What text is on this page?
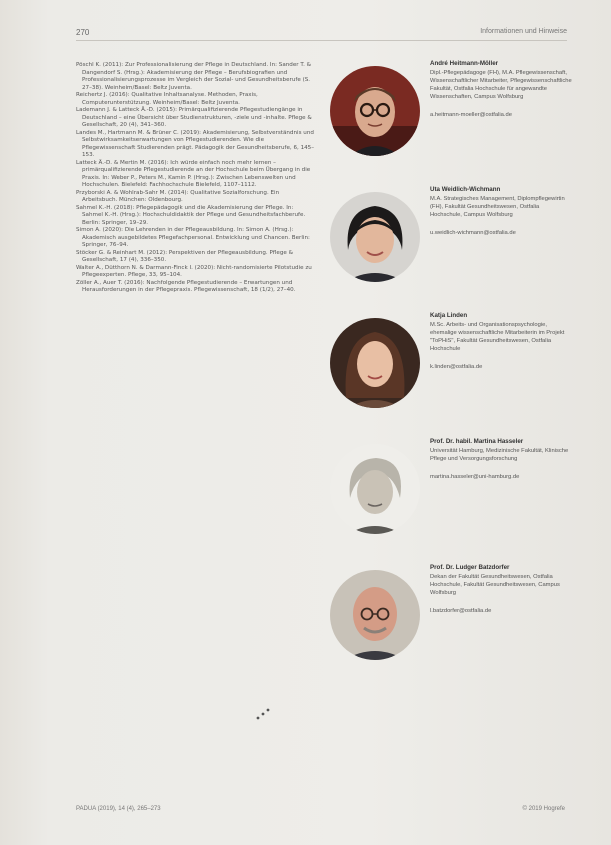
270	Informationen und Hinweise

Pöschl K. (2011): Zur Professionalisierung der Pflege in Deutschland. In: Sander T. & Dangendorf S. (Hrsg.): Akademisierung der Pflege – Berufsbiografien und Professionalisierungsprozesse im Vergleich der Sozial- und Gesundheitsberufe (S. 27–38). Weinheim/Basel: Beltz Juventa.

Reichertz J. (2016): Qualitative Inhaltsanalyse. Methoden, Praxis, Computerunterstützung. Weinheim/Basel: Beltz Juventa.

Lademann J. & Latteck Ä.-D. (2015): Primärqualifizierende Pflegestudiengänge in Deutschland – eine Übersicht über Studienstrukturen, -ziele und -inhalte. Pflege & Gesellschaft, 20 (4), 341–360.

Landes M., Hartmann M. & Brüner C. (2019): Akademisierung, Selbstverständnis und Selbstwirksamkeitserwartungen von Pflegestudierenden. Wie die Pflegewissenschaft Studierenden prägt. Pädagogik der Gesundheitsberufe, 6, 145–153.

Latteck Ä.-D. & Mertin M. (2016): Ich würde einfach noch mehr lernen – primärqualifizierende Pflegestudierende an der Hochschule beim Übergang in die Praxis. In: Weber P., Peters M., Kamin P. (Hrsg.): Zwischen Lebenswelten und Hochschulen. Bielefeld: Fachhochschule Bielefeld, 1107–1112.

Przyborski A. & Wohlrab-Sahr M. (2014): Qualitative Sozialforschung. Ein Arbeitsbuch. München: Oldenbourg.

Sahmel K.-H. (2018): Pflegepädagogik und die Akademisierung der Pflege. In: Sahmel K.-H. (Hrsg.): Hochschuldidaktik der Pflege und Gesundheitsfachberufe. Berlin: Springer, 19–29.

Simon A. (2020): Die Lehrenden in der Pflegeausbildung. In: Simon A. (Hrsg.): Akademisch ausgebildetes Pflegefachpersonal. Entwicklung und Chancen. Berlin: Springer, 76–94.

Stöcker G. & Reinhart M. (2012): Perspektiven der Pflegeausbildung. Pflege & Gesellschaft, 17 (4), 336–350.

Walter A., Dütthorn N. & Darmann-Finck I. (2020): Nicht-randomisierte Pilotstudie zu Pflegeexperten. Pflege, 33, 95–104.

Zöller A., Auer T. (2016): Nachfolgende Pflegestudierende – Erwartungen und Herausforderungen in der Pflegepraxis. Pflegewissenschaft, 18 (1/2), 27–40.

André Heitmann-Möller
Dipl.-Pflegepädagoge (FH), M.A. Pflegewissenschaft, Wissenschaftlicher Mitarbeiter, Pflegewissenschaftliche Fakultät, Ostfalia Hochschule für angewandte Wissenschaften, Campus Wolfsburg
a.heitmann-moeller@ostfalia.de
Uta Weidlich-Wichmann
M.A. Strategisches Management, Diplompflegewirtin (FH), Fakultät Gesundheitswesen, Ostfalia Hochschule, Campus Wolfsburg
u.weidlich-wichmann@ostfalia.de
Katja Linden
M.Sc. Arbeits- und Organisationspsychologie, ehemalige wissenschaftliche Mitarbeiterin im Projekt "ToPHiS", Fakultät Gesundheitswesen, Ostfalia Hochschule
k.linden@ostfalia.de
Prof. Dr. habil. Martina Hasseler
Universität Hamburg, Medizinische Fakultät, Klinische Pflege und Versorgungsforschung
martina.hasseler@uni-hamburg.de
Prof. Dr. Ludger Batzdorfer
Dekan der Fakultät Gesundheitswesen, Ostfalia Hochschule, Fakultät Gesundheitswesen, Campus Wolfsburg
l.batzdorfer@ostfalia.de
PADUA (2019), 14 (4), 265–273	© 2019 Hogrefe
